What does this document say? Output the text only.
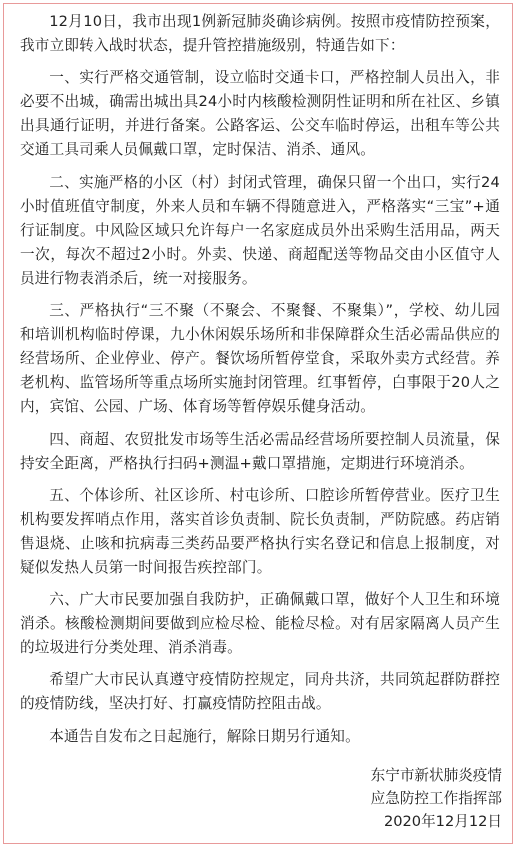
12月10日，我市出现1例新冠肺炎确诊病例。按照市疫情防控预案，我市立即转入战时状态，提升管控措施级别，特通告如下：

一、实行严格交通管制，设立临时交通卡口，严格控制人员出入，非必要不出城，确需出城出具24小时内核酸检测阴性证明和所在社区、乡镇出具通行证明，并进行备案。公路客运、公交车临时停运，出租车等公共交通工具司乘人员佩戴口罩，定时保洁、消杀、通风。

二、实施严格的小区（村）封闭式管理，确保只留一个出口，实行24小时值班值守制度，外来人员和车辆不得随意进入，严格落实“三宝”+通行证制度。中风险区域只允许每户一名家庭成员外出采购生活用品，两天一次，每次不超过2小时。外卖、快递、商超配送等物品交由小区值守人员进行物表消杀后，统一对接服务。

三、严格执行“三不聚（不聚会、不聚餐、不聚集）”，学校、幼儿园和培训机构临时停课，九小休闲娱乐场所和非保障群众生活必需品供应的经营场所、企业停业、停产。餐饮场所暂停堂食，采取外卖方式经营。养老机构、监管场所等重点场所实施封闭管理。红事暂停，白事限于20人之内，宾馆、公园、广场、体育场等暂停娱乐健身活动。

四、商超、农贸批发市场等生活必需品经营场所要控制人员流量，保持安全距离，严格执行扫码+测温+戴口罩措施，定期进行环境消杀。

五、个体诊所、社区诊所、村屯诊所、口腔诊所暂停营业。医疗卫生机构要发挥哨点作用，落实首诊负责制、院长负责制，严防院感。药店销售退烧、止咳和抗病毒三类药品要严格执行实名登记和信息上报制度，对疑似发热人员第一时间报告疾控部门。

六、广大市民要加强自我防护，正确佩戴口罩，做好个人卫生和环境消杀。核酸检测期间要做到应检尽检、能检尽检。对有居家隔离人员产生的垃圾进行分类处理、消杀消毒。

希望广大市民认真遵守疫情防控规定，同舟共济，共同筑起群防群控的疫情防线，坚决打好、打赢疫情防控阻击战。

本通告自发布之日起施行，解除日期另行通知。

东宁市新状肺炎疫情
应急防控工作指挥部
2020年12月12日
